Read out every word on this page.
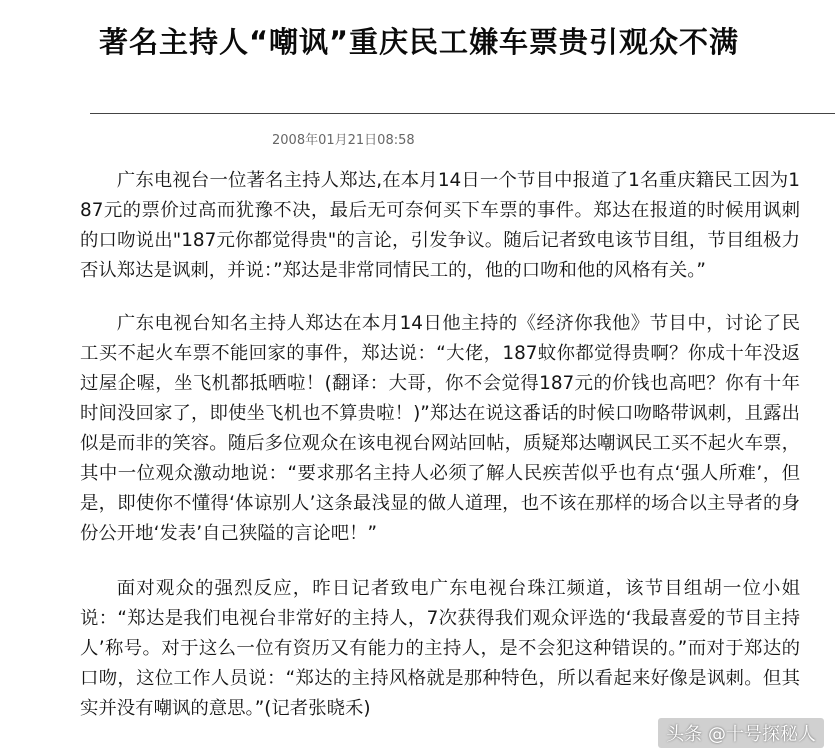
著名主持人“嘲讽”重庆民工嫌车票贵引观众不满
2008年01月21日08:58

广东电视台一位著名主持人郑达,在本月14日一个节目中报道了1名重庆籍民工因为187元的票价过高而犹豫不决，最后无可奈何买下车票的事件。郑达在报道的时候用讽刺的口吻说出"187元你都觉得贵"的言论，引发争议。随后记者致电该节目组，节目组极力否认郑达是讽刺，并说：”郑达是非常同情民工的，他的口吻和他的风格有关。”

广东电视台知名主持人郑达在本月14日他主持的《经济你我他》节目中，讨论了民工买不起火车票不能回家的事件，郑达说：“大佬，187蚊你都觉得贵啊？你成十年没返过屋企喔，坐飞机都抵晒啦！(翻译：大哥，你不会觉得187元的价钱也高吧？你有十年时间没回家了，即使坐飞机也不算贵啦！)”郑达在说这番话的时候口吻略带讽刺，且露出似是而非的笑容。随后多位观众在该电视台网站回帖，质疑郑达嘲讽民工买不起火车票，其中一位观众激动地说：“要求那名主持人必须了解人民疾苦似乎也有点‘强人所难’，但是，即使你不懂得‘体谅别人’这条最浅显的做人道理，也不该在那样的场合以主导者的身份公开地‘发表’自己狭隘的言论吧！”

面对观众的强烈反应，昨日记者致电广东电视台珠江频道，该节目组胡一位小姐说：“郑达是我们电视台非常好的主持人，7次获得我们观众评选的‘我最喜爱的节目主持人’称号。对于这么一位有资历又有能力的主持人，是不会犯这种错误的。”而对于郑达的口吻，这位工作人员说：“郑达的主持风格就是那种特色，所以看起来好像是讽刺。但其实并没有嘲讽的意思。”(记者张晓禾)

头条 @十号探秘人
